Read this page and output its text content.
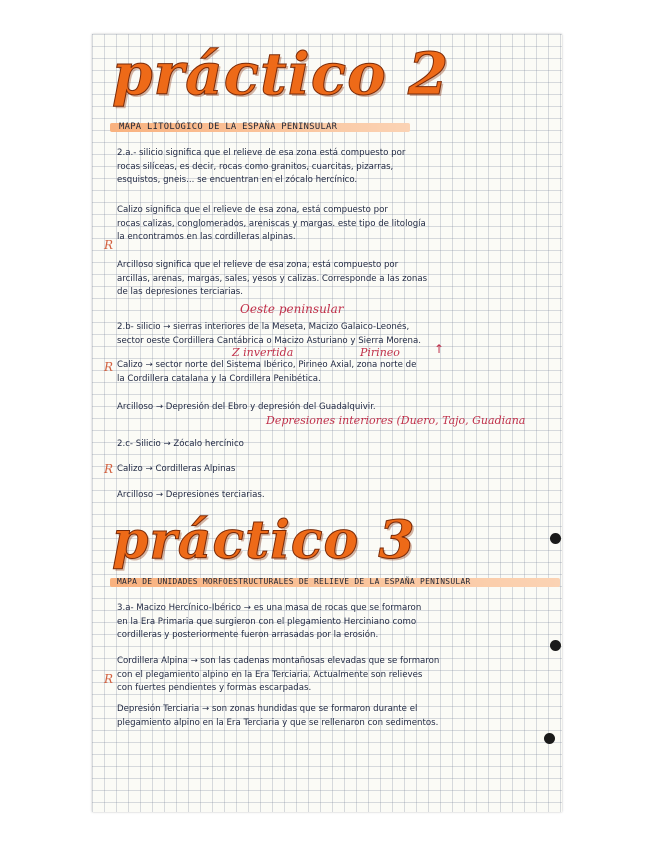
práctico 2
MAPA LITOLÓGICO DE LA ESPAÑA PENINSULAR
2.a.- silicio significa que el relieve de esa zona está compuesto por
rocas silíceas, es decir, rocas como granitos, cuarcitas, pizarras,
esquistos, gneis... se encuentran en el zócalo hercínico.
Calizo significa que el relieve de esa zona, está compuesto por
rocas calizas, conglomerados, areniscas y margas. este tipo de litología
la encontramos en las cordilleras alpinas.
Arcilloso significa que el relieve de esa zona, está compuesto por
arcillas, arenas, margas, sales, yesos y calizas. Corresponde a las zonas
de las depresiones terciarias.
Oeste peninsular
2.b- silicio → sierras interiores de la Meseta, Macizo Galaico-Leonés,
sector oeste Cordillera Cantábrica o Macizo Asturiano y Sierra Morena.
Z invertida	Pirineo	↑
Calizo → sector norte del Sistema Ibérico, Pirineo Axial, zona norte de
la Cordillera catalana y la Cordillera Penibética.
Arcilloso → Depresión del Ebro y depresión del Guadalquivir.
Depresiones interiores (Duero, Tajo, Guadiana
2.c- Silicio → Zócalo hercínico
Calizo → Cordilleras Alpinas
Arcilloso → Depresiones terciarias.
R
R
R
práctico 3
MAPA DE UNIDADES MORFOESTRUCTURALES DE RELIEVE DE LA ESPAÑA PENINSULAR
3.a- Macizo Hercínico-Ibérico → es una masa de rocas que se formaron
en la Era Primaria que surgieron con el plegamiento Herciniano como
cordilleras y posteriormente fueron arrasadas por la erosión.
Cordillera Alpina → son las cadenas montañosas elevadas que se formaron
con el plegamiento alpino en la Era Terciaria. Actualmente son relieves
con fuertes pendientes y formas escarpadas.
Depresión Terciaria → son zonas hundidas que se formaron durante el
plegamiento alpino en la Era Terciaria y que se rellenaron con sedimentos.
R
